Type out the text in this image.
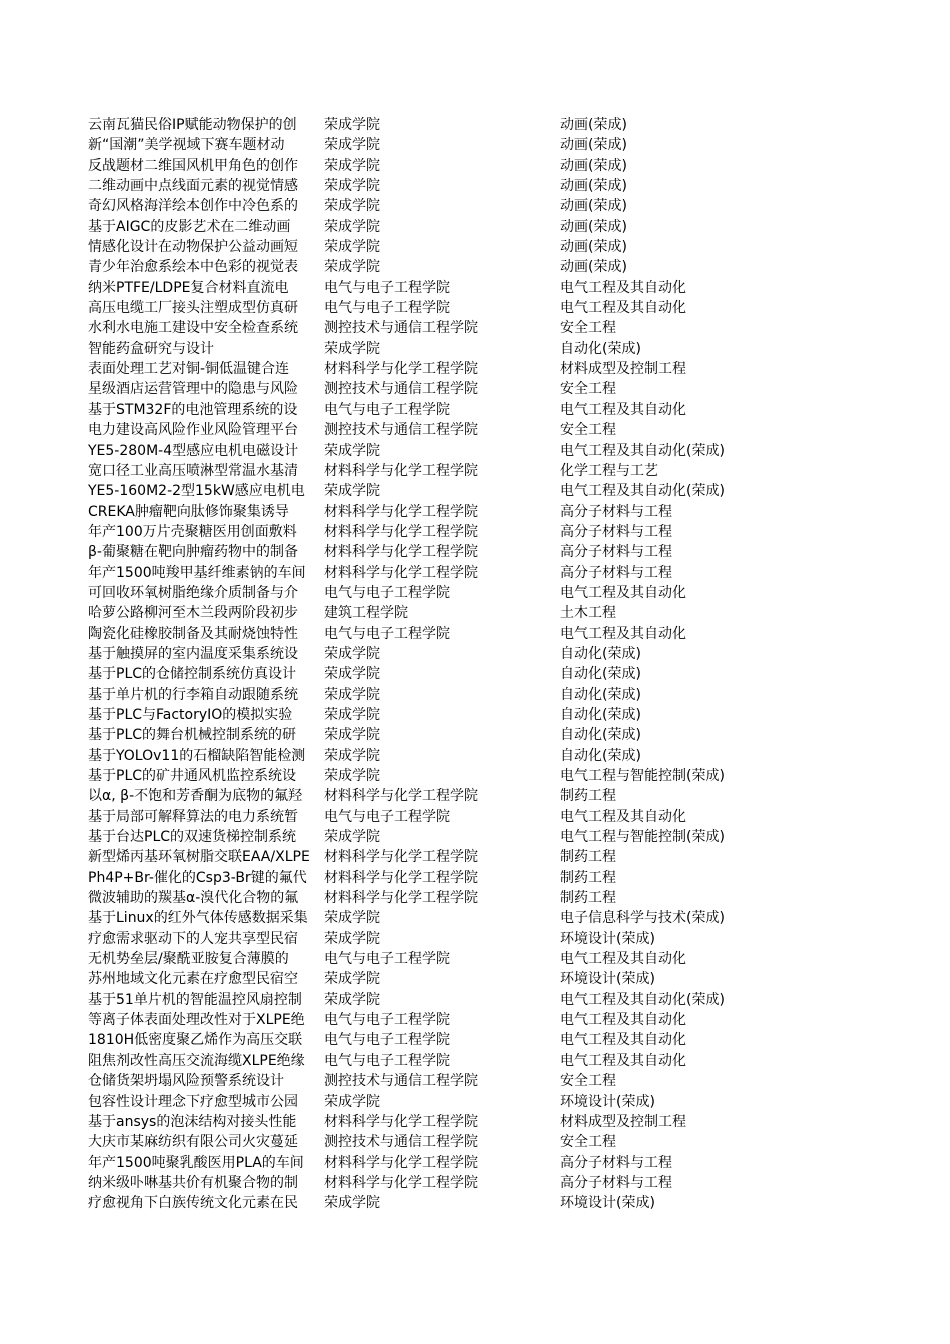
云南瓦猫民俗IP赋能动物保护的创	荣成学院	动画(荣成)
新“国潮”美学视域下赛车题材动	荣成学院	动画(荣成)
反战题材二维国风机甲角色的创作	荣成学院	动画(荣成)
二维动画中点线面元素的视觉情感	荣成学院	动画(荣成)
奇幻风格海洋绘本创作中冷色系的	荣成学院	动画(荣成)
基于AIGC的皮影艺术在二维动画	荣成学院	动画(荣成)
情感化设计在动物保护公益动画短	荣成学院	动画(荣成)
青少年治愈系绘本中色彩的视觉表	荣成学院	动画(荣成)
纳米PTFE/LDPE复合材料直流电	电气与电子工程学院	电气工程及其自动化
高压电缆工厂接头注塑成型仿真研	电气与电子工程学院	电气工程及其自动化
水利水电施工建设中安全检查系统	测控技术与通信工程学院	安全工程
智能药盒研究与设计	荣成学院	自动化(荣成)
表面处理工艺对铜-铜低温键合连	材料科学与化学工程学院	材料成型及控制工程
星级酒店运营管理中的隐患与风险	测控技术与通信工程学院	安全工程
基于STM32F的电池管理系统的设	电气与电子工程学院	电气工程及其自动化
电力建设高风险作业风险管理平台	测控技术与通信工程学院	安全工程
YE5-280M-4型感应电机电磁设计	荣成学院	电气工程及其自动化(荣成)
宽口径工业高压喷淋型常温水基清	材料科学与化学工程学院	化学工程与工艺
YE5-160M2-2型15kW感应电机电	荣成学院	电气工程及其自动化(荣成)
CREKA肿瘤靶向肽修饰聚集诱导	材料科学与化学工程学院	高分子材料与工程
年产100万片壳聚糖医用创面敷料	材料科学与化学工程学院	高分子材料与工程
β-葡聚糖在靶向肿瘤药物中的制备	材料科学与化学工程学院	高分子材料与工程
年产1500吨羧甲基纤维素钠的车间	材料科学与化学工程学院	高分子材料与工程
可回收环氧树脂绝缘介质制备与介	电气与电子工程学院	电气工程及其自动化
哈萝公路柳河至木兰段两阶段初步	建筑工程学院	土木工程
陶瓷化硅橡胶制备及其耐烧蚀特性	电气与电子工程学院	电气工程及其自动化
基于触摸屏的室内温度采集系统设	荣成学院	自动化(荣成)
基于PLC的仓储控制系统仿真设计	荣成学院	自动化(荣成)
基于单片机的行李箱自动跟随系统	荣成学院	自动化(荣成)
基于PLC与FactoryIO的模拟实验	荣成学院	自动化(荣成)
基于PLC的舞台机械控制系统的研	荣成学院	自动化(荣成)
基于YOLOv11的石榴缺陷智能检测	荣成学院	自动化(荣成)
基于PLC的矿井通风机监控系统设	荣成学院	电气工程与智能控制(荣成)
以α, β-不饱和芳香酮为底物的氟羟	材料科学与化学工程学院	制药工程
基于局部可解释算法的电力系统暂	电气与电子工程学院	电气工程及其自动化
基于台达PLC的双速货梯控制系统	荣成学院	电气工程与智能控制(荣成)
新型烯丙基环氧树脂交联EAA/XLPE	材料科学与化学工程学院	制药工程
Ph4P+Br-催化的Csp3-Br键的氟代	材料科学与化学工程学院	制药工程
微波辅助的羰基α-溴代化合物的氟	材料科学与化学工程学院	制药工程
基于Linux的红外气体传感数据采集	荣成学院	电子信息科学与技术(荣成)
疗愈需求驱动下的人宠共享型民宿	荣成学院	环境设计(荣成)
无机势垒层/聚酰亚胺复合薄膜的	电气与电子工程学院	电气工程及其自动化
苏州地域文化元素在疗愈型民宿空	荣成学院	环境设计(荣成)
基于51单片机的智能温控风扇控制	荣成学院	电气工程及其自动化(荣成)
等离子体表面处理改性对于XLPE绝	电气与电子工程学院	电气工程及其自动化
1810H低密度聚乙烯作为高压交联	电气与电子工程学院	电气工程及其自动化
阻焦剂改性高压交流海缆XLPE绝缘	电气与电子工程学院	电气工程及其自动化
仓储货架坍塌风险预警系统设计	测控技术与通信工程学院	安全工程
包容性设计理念下疗愈型城市公园	荣成学院	环境设计(荣成)
基于ansys的泡沫结构对接头性能	材料科学与化学工程学院	材料成型及控制工程
大庆市某麻纺织有限公司火灾蔓延	测控技术与通信工程学院	安全工程
年产1500吨聚乳酸医用PLA的车间	材料科学与化学工程学院	高分子材料与工程
纳米级卟啉基共价有机聚合物的制	材料科学与化学工程学院	高分子材料与工程
疗愈视角下白族传统文化元素在民	荣成学院	环境设计(荣成)
